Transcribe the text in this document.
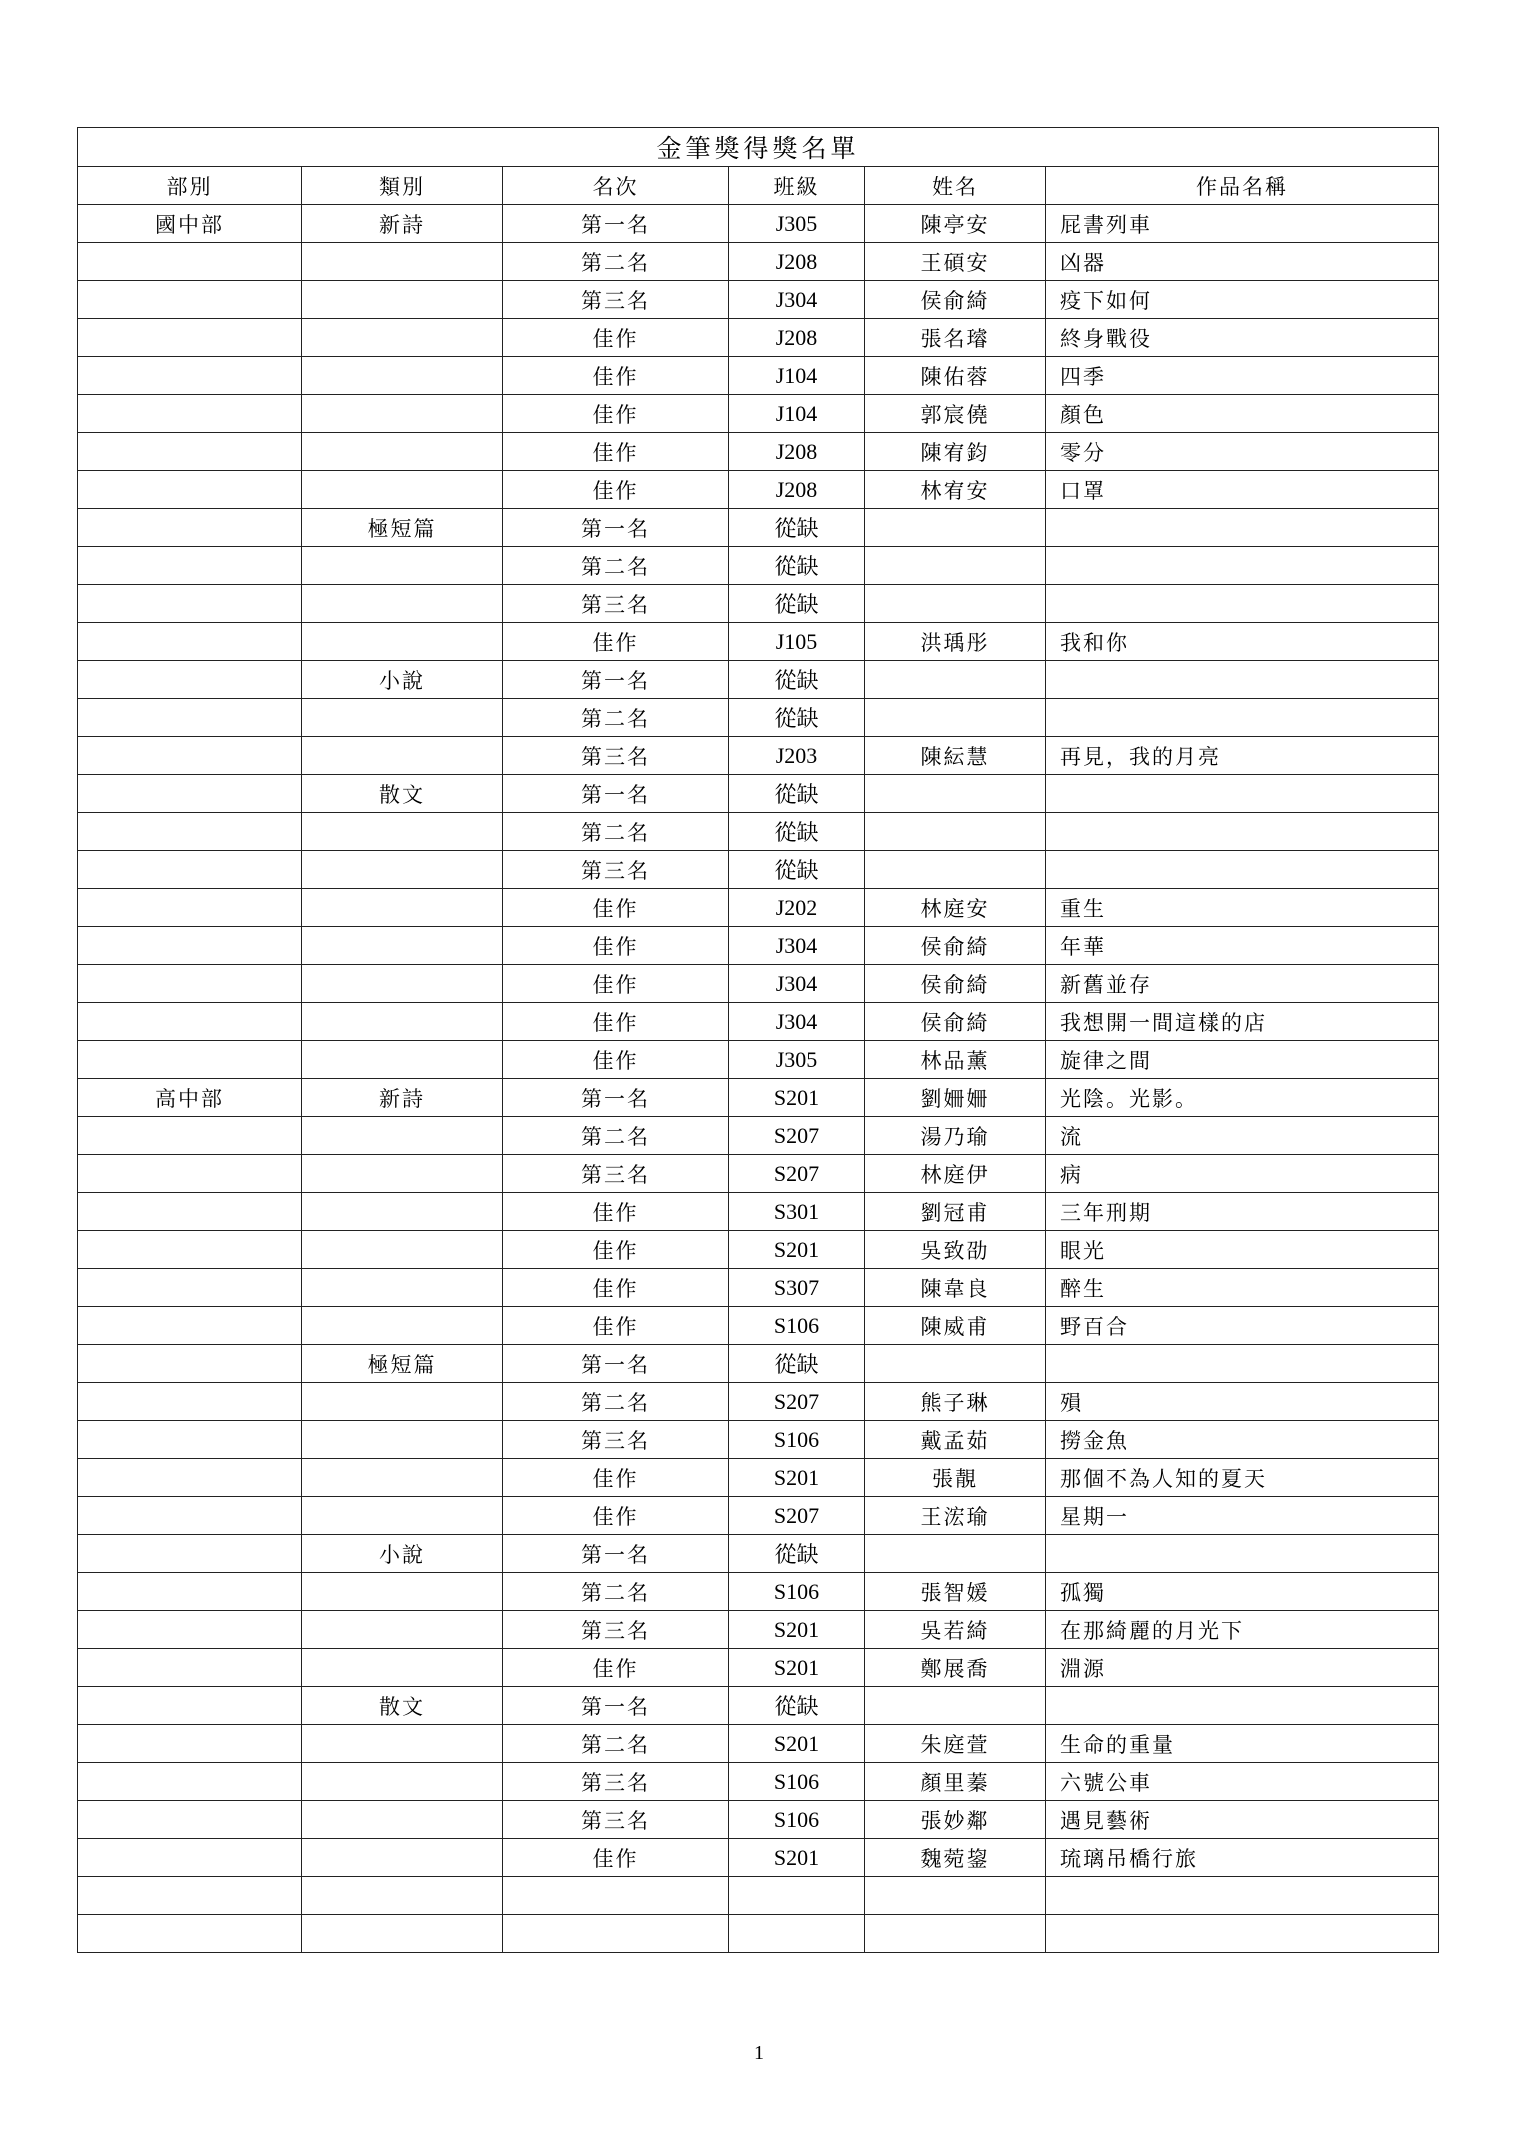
金筆獎得獎名單					
部別	類別	名次	班級	姓名	作品名稱
國中部	新詩	第一名	J305	陳亭安	屁書列車
		第二名	J208	王碩安	凶器
		第三名	J304	侯俞綺	疫下如何
		佳作	J208	張名璿	終身戰役
		佳作	J104	陳佑蓉	四季
		佳作	J104	郭宸僥	顏色
		佳作	J208	陳宥鈞	零分
		佳作	J208	林宥安	口罩
	極短篇	第一名	從缺		
		第二名	從缺		
		第三名	從缺		
		佳作	J105	洪瑀彤	我和你
	小說	第一名	從缺		
		第二名	從缺		
		第三名	J203	陳紜慧	再見，我的月亮
	散文	第一名	從缺		
		第二名	從缺		
		第三名	從缺		
		佳作	J202	林庭安	重生
		佳作	J304	侯俞綺	年華
		佳作	J304	侯俞綺	新舊並存
		佳作	J304	侯俞綺	我想開一間這樣的店
		佳作	J305	林品薰	旋律之間
高中部	新詩	第一名	S201	劉姍姍	光陰。光影。
		第二名	S207	湯乃瑜	流
		第三名	S207	林庭伊	病
		佳作	S301	劉冠甫	三年刑期
		佳作	S201	吳致劭	眼光
		佳作	S307	陳韋良	醉生
		佳作	S106	陳威甫	野百合
	極短篇	第一名	從缺		
		第二名	S207	熊子琳	殞
		第三名	S106	戴孟茹	撈金魚
		佳作	S201	張靚	那個不為人知的夏天
		佳作	S207	王浤瑜	星期一
	小說	第一名	從缺		
		第二名	S106	張智媛	孤獨
		第三名	S201	吳若綺	在那綺麗的月光下
		佳作	S201	鄭展喬	淵源
	散文	第一名	從缺		
		第二名	S201	朱庭萱	生命的重量
		第三名	S106	顏里蓁	六號公車
		第三名	S106	張妙鄰	遇見藝術
		佳作	S201	魏菀鋆	琉璃吊橋行旅

1
